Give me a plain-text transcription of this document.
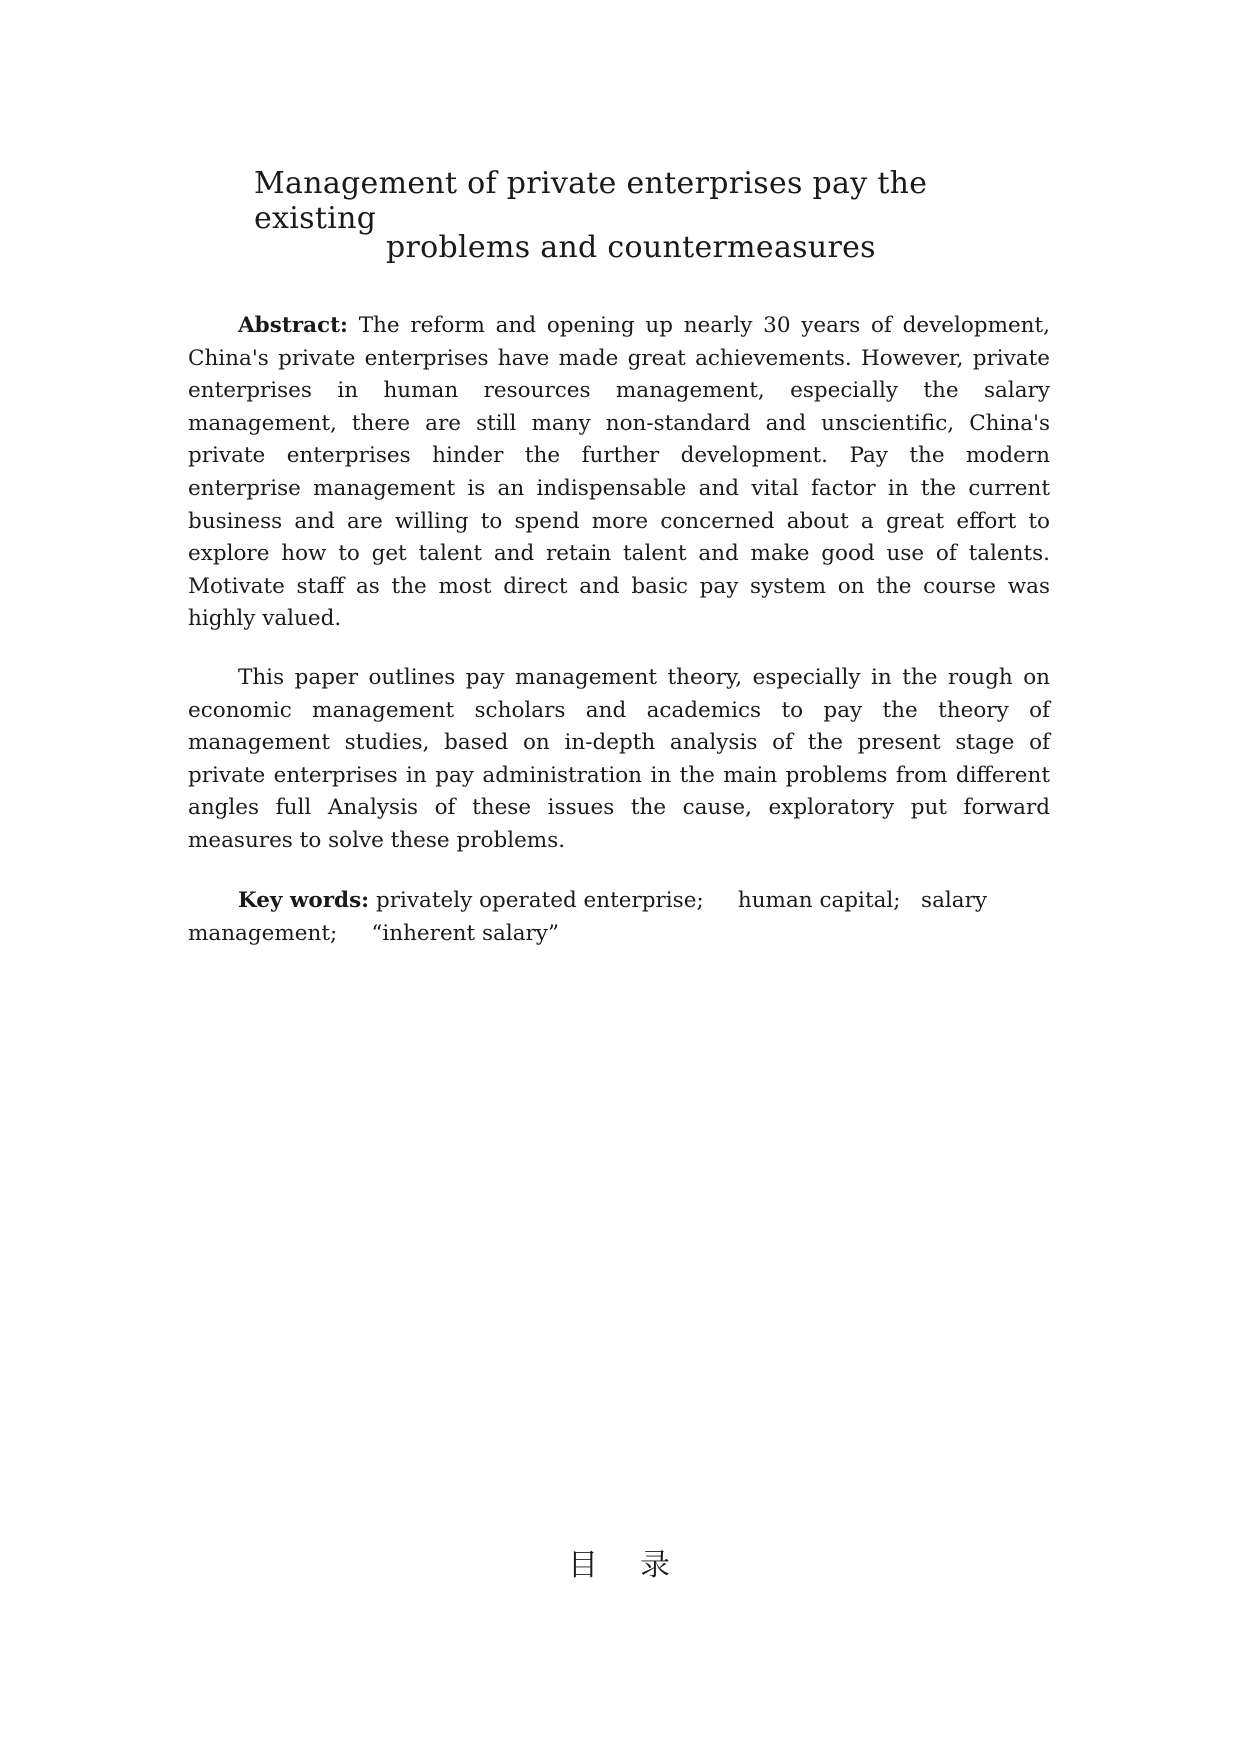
Management of private enterprises pay the existing
problems and countermeasures

Abstract: The reform and opening up nearly 30 years of development, China's private enterprises have made great achievements. However, private enterprises in human resources management, especially the salary management, there are still many non-standard and unscientific, China's private enterprises hinder the further development. Pay the modern enterprise management is an indispensable and vital factor in the current business and are willing to spend more concerned about a great effort to explore how to get talent and retain talent and make good use of talents. Motivate staff as the most direct and basic pay system on the course was highly valued.

This paper outlines pay management theory, especially in the rough on economic management scholars and academics to pay the theory of management studies, based on in-depth analysis of the present stage of private enterprises in pay administration in the main problems from different angles full Analysis of these issues the cause, exploratory put forward measures to solve these problems.

Key words: privately operated enterprise; human capital; salary management; “inherent salary”

目 录
